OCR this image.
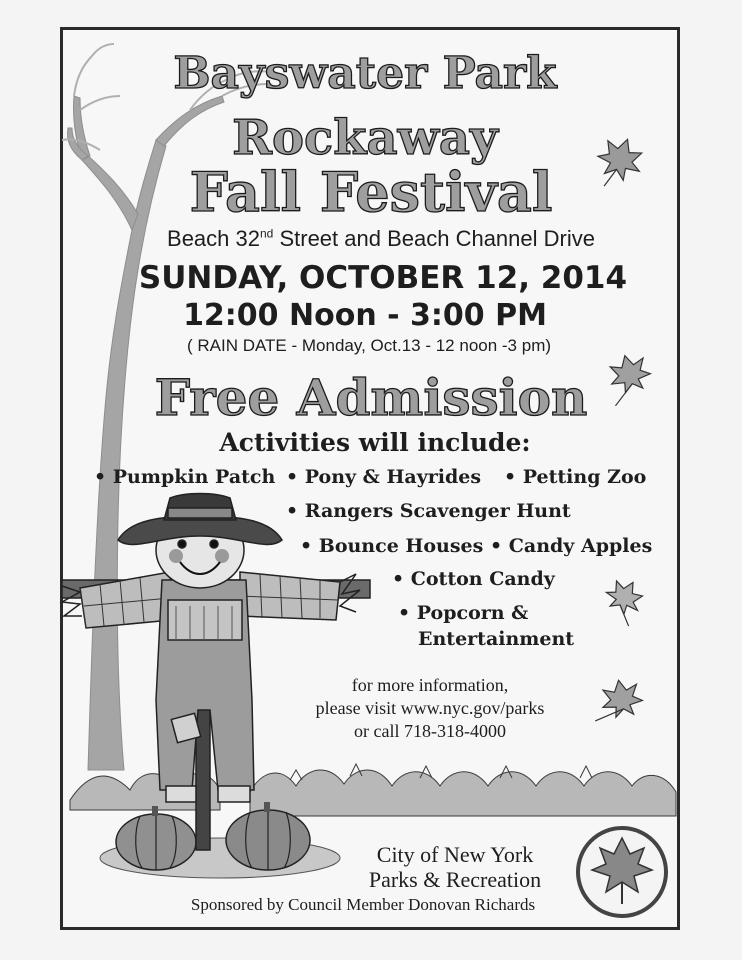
Bayswater Park
Rockaway
Fall Festival
Beach 32nd Street and Beach Channel Drive
SUNDAY, OCTOBER 12, 2014
12:00 Noon - 3:00 PM
( RAIN DATE - Monday, Oct.13 - 12 noon -3 pm)
Free Admission
Activities will include:
• Pumpkin Patch • Pony & Hayrides • Petting Zoo
• Rangers Scavenger Hunt
• Bounce Houses • Candy Apples
• Cotton Candy
• Popcorn &
Entertainment
for more information,
please visit www.nyc.gov/parks
or call 718-318-4000
City of New York
Parks & Recreation
Sponsored by Council Member Donovan Richards
